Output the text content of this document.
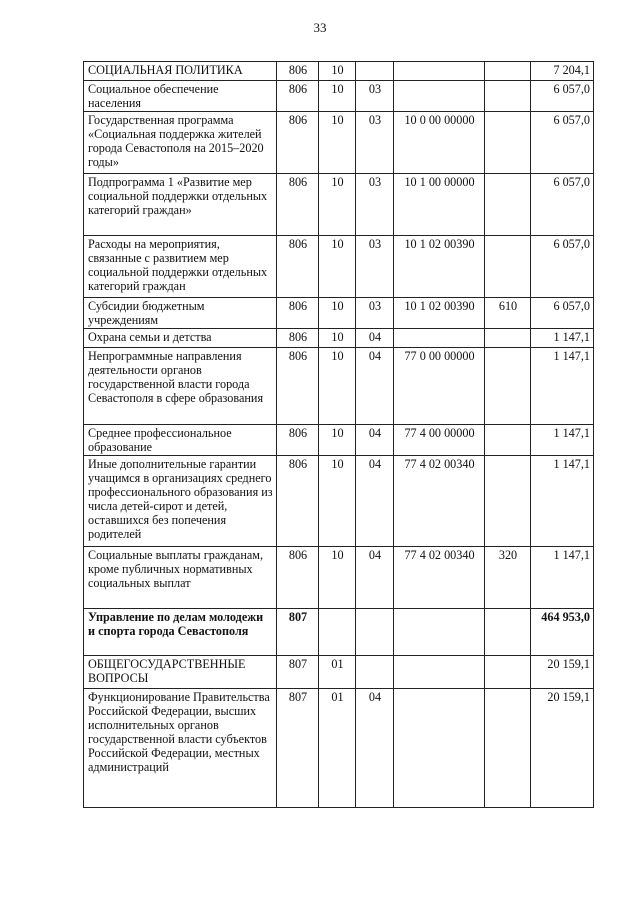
33
СОЦИАЛЬНАЯ ПОЛИТИКА	806	10				7 204,1
Социальное обеспечение населения	806	10	03			6 057,0
Государственная программа «Социальная поддержка жителей города Севастополя на 2015–2020 годы»	806	10	03	10 0 00 00000		6 057,0
Подпрограмма 1 «Развитие мер социальной поддержки отдельных категорий граждан»	806	10	03	10 1 00 00000		6 057,0
Расходы на мероприятия, связанные с развитием мер социальной поддержки отдельных категорий граждан	806	10	03	10 1 02 00390		6 057,0
Субсидии бюджетным учреждениям	806	10	03	10 1 02 00390	610	6 057,0
Охрана семьи и детства	806	10	04			1 147,1
Непрограммные направления деятельности органов государственной власти города Севастополя в сфере образования	806	10	04	77 0 00 00000		1 147,1
Среднее профессиональное образование	806	10	04	77 4 00 00000		1 147,1
Иные дополнительные гарантии учащимся в организациях среднего профессионального образования из числа детей-сирот и детей, оставшихся без попечения родителей	806	10	04	77 4 02 00340		1 147,1
Социальные выплаты гражданам, кроме публичных нормативных социальных выплат	806	10	04	77 4 02 00340	320	1 147,1
Управление по делам молодежи и спорта города Севастополя	807					464 953,0
ОБЩЕГОСУДАРСТВЕННЫЕ ВОПРОСЫ	807	01				20 159,1
Функционирование Правительства Российской Федерации, высших исполнительных органов государственной власти субъектов Российской Федерации, местных администраций	807	01	04			20 159,1
